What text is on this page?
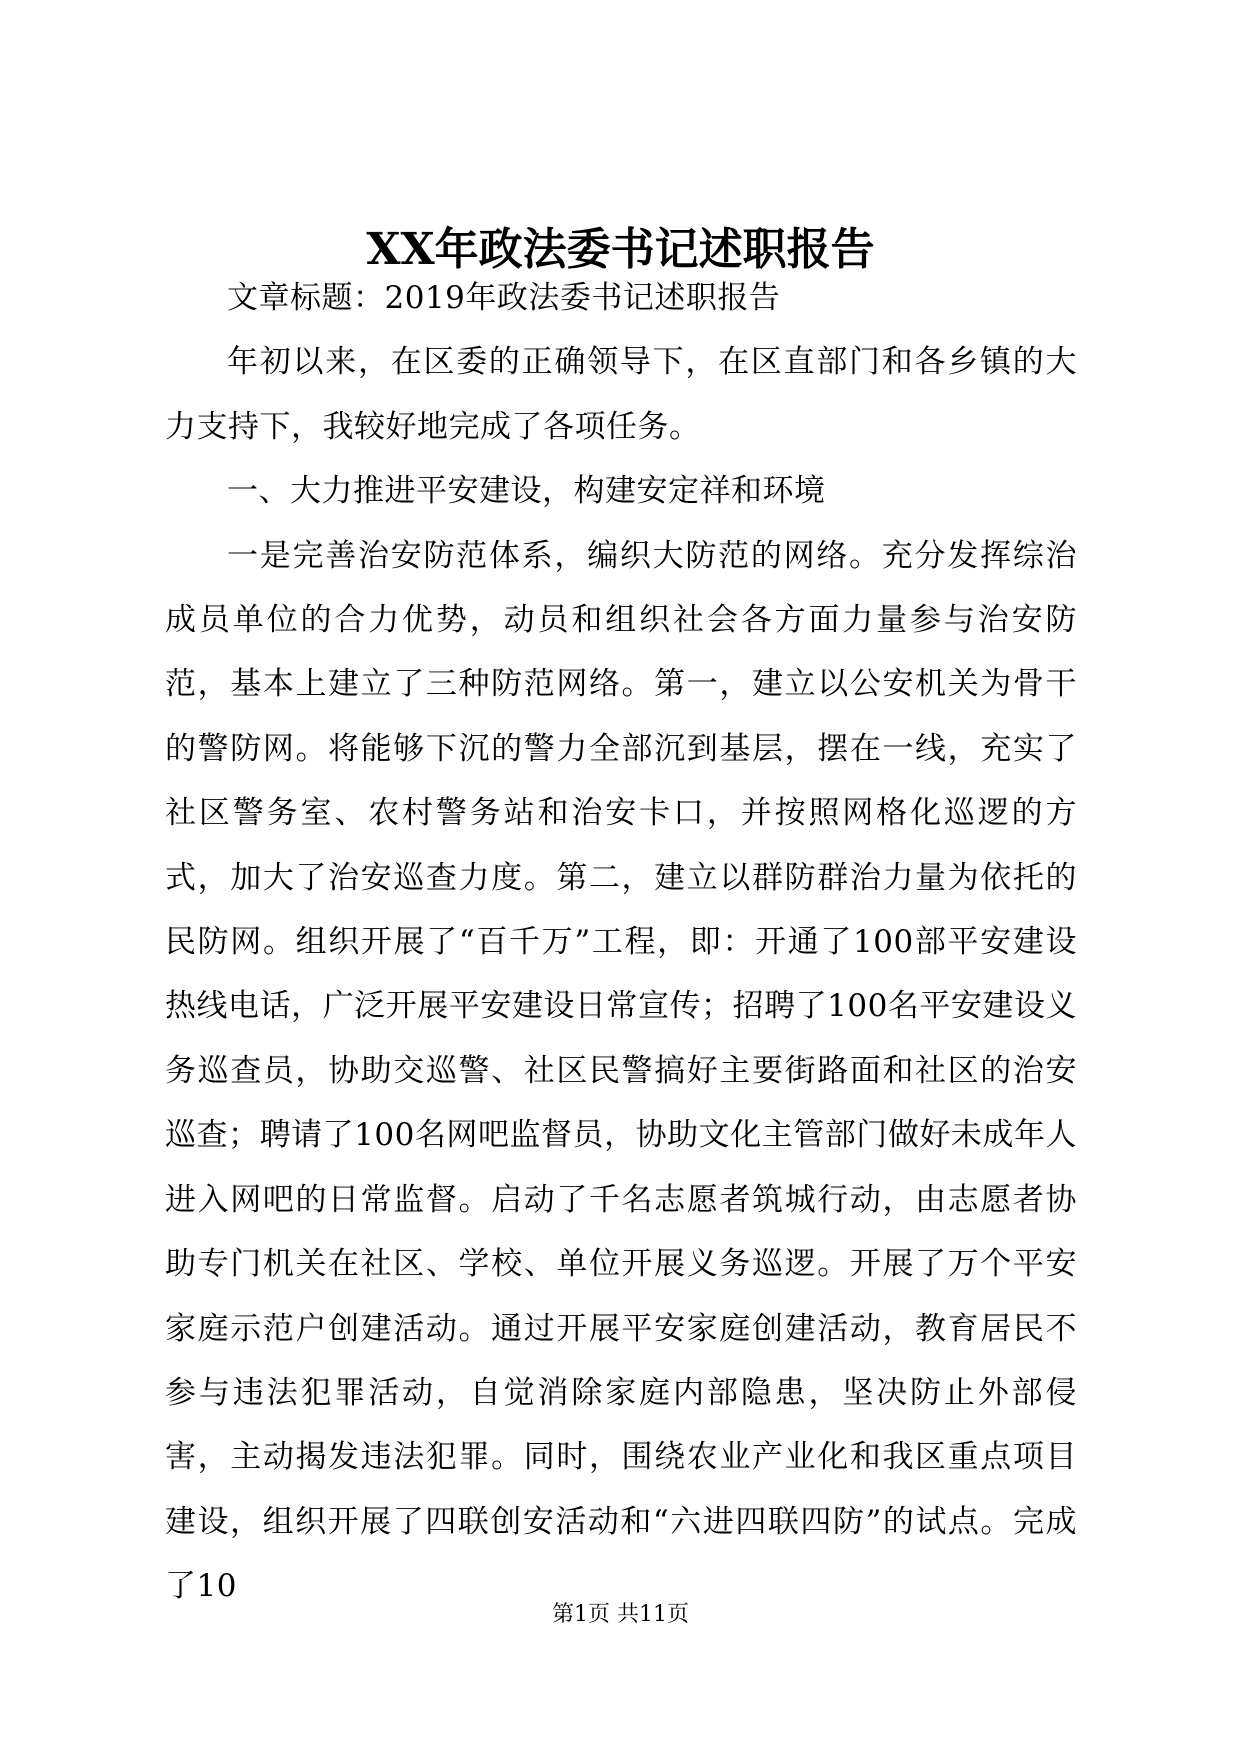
XX年政法委书记述职报告

文章标题：2019年政法委书记述职报告

年初以来，在区委的正确领导下，在区直部门和各乡镇的大力支持下，我较好地完成了各项任务。

一、大力推进平安建设，构建安定祥和环境

一是完善治安防范体系，编织大防范的网络。充分发挥综治成员单位的合力优势，动员和组织社会各方面力量参与治安防范，基本上建立了三种防范网络。第一，建立以公安机关为骨干的警防网。将能够下沉的警力全部沉到基层，摆在一线，充实了社区警务室、农村警务站和治安卡口，并按照网格化巡逻的方式，加大了治安巡查力度。第二，建立以群防群治力量为依托的民防网。组织开展了“百千万”工程，即：开通了100部平安建设热线电话，广泛开展平安建设日常宣传；招聘了100名平安建设义务巡查员，协助交巡警、社区民警搞好主要街路面和社区的治安巡查；聘请了100名网吧监督员，协助文化主管部门做好未成年人进入网吧的日常监督。启动了千名志愿者筑城行动，由志愿者协助专门机关在社区、学校、单位开展义务巡逻。开展了万个平安家庭示范户创建活动。通过开展平安家庭创建活动，教育居民不参与违法犯罪活动，自觉消除家庭内部隐患，坚决防止外部侵害，主动揭发违法犯罪。同时，围绕农业产业化和我区重点项目建设，组织开展了四联创安活动和“六进四联四防”的试点。完成了10

第1页 共11页
